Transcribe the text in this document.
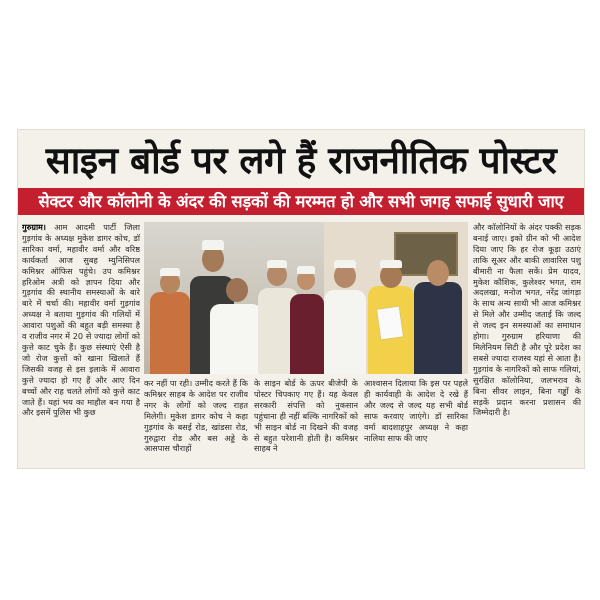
साइन बोर्ड पर लगे हैं राजनीतिक पोस्टर
सेक्टर और कॉलोनी के अंदर की सड़कों की मरम्मत हो और सभी जगह सफाई सुधारी जाए

गुरुग्राम। आम आदमी पार्टी जिला गुड़गांव के अध्यक्ष मुकेश डागर कोच, डॉ सारिका वर्मा, महावीर वर्मा और वरिष्ठ कार्यकर्ता आज सुबह म्युनिसिपल कमिश्नर ऑफिस पहुंचे। उप कमिश्नर हरिओम अत्री को ज्ञापन दिया और गुड़गांव की स्थानीय समस्याओं के बारे बारे में चर्चा की। महावीर वर्मा गुड़गांव अध्यक्ष ने बताया गुड़गांव की गलियों में आवारा पशुओं की बहुत बड़ी समस्या है व राजीव नगर में 20 से ज्यादा लोगों को कुत्ते काट चुके हैं। कुछ संस्थाएं ऐसी है जो रोज कुत्तों को खाना खिलाते हैं जिसकी वजह से इस इलाके में आवारा कुत्ते ज्यादा हो गए हैं और आए दिन बच्चों और राह चलते लोगों को कुत्ते काट जाते हैं। यहां भय का माहौल बन गया है और इसमें पुलिस भी कुछ

कर नहीं पा रही। उम्मीद करते हैं कि कमिश्नर साहब के आदेश पर राजीव नगर के लोगों को जल्द राहत मिलेगी। मुकेश डागर कोच ने कहा गुड़गांव के बसई रोड, खांडसा रोड, गुरुद्वारा रोड और बस अड्डे के आसपास चौराहों
के साइन बोर्ड के ऊपर बीजेपी के पोस्टर चिपकाए गए हैं। यह केवल सरकारी संपत्ति को नुकसान पहुंचाना ही नहीं बल्कि नागरिकों को भी साइन बोर्ड ना दिखने की वजह से बहुत परेशानी होती है। कमिश्नर साहब ने
आश्वासन दिलाया कि इस पर पहले ही कार्यवाही के आदेश दे रखे हैं और जल्द से जल्द यह सभी बोर्ड साफ करवाए जाएंगे। डॉ सारिका वर्मा बादशाहपुर अध्यक्ष ने कहा नालिया साफ की जाए
और कॉलोनियों के अंदर पक्की सड़क बनाई जाए। इको ग्रीन को भी आदेश दिया जाए कि हर रोज कूड़ा उठाएं ताकि सूअर और बाकी लावारिस पशु बीमारी ना फैला सकें। प्रेम यादव, मुकेश कौशिक, कुलेश्वर भगत, राम अदलखा, मनोज भगत, नरेंद्र जांगड़ा के साथ अन्य साथी भी आज कमिश्नर से मिले और उम्मीद जताई कि जल्द से जल्द इन समस्याओं का समाधान होगा। गुरुग्राम हरियाणा की मिलेनियम सिटी है और पूरे प्रदेश का सबसे ज्यादा राजस्व यहां से आता है। गुड़गांव के नागरिकों को साफ गलियां, सुरक्षित कॉलोनिया, जलभराव के बिना सीवर लाइन, बिना गड्ढों के सड़कें प्रदान करना प्रशासन की जिम्मेदारी है।
